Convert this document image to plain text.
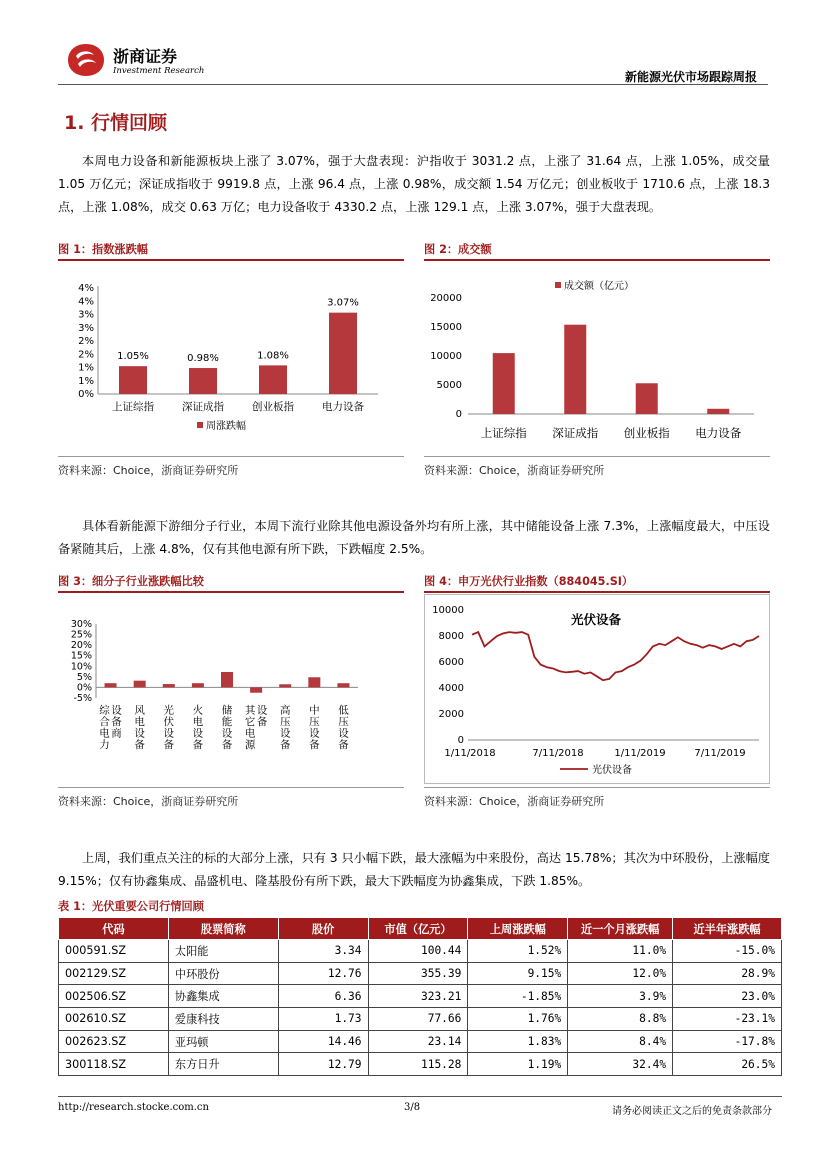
浙商证券
Investment Research	新能源光伏市场跟踪周报
1. 行情回顾
本周电力设备和新能源板块上涨了 3.07%，强于大盘表现：沪指收于 3031.2 点，上涨了 31.64 点，上涨 1.05%，成交量 1.05 万亿元；深证成指收于 9919.8 点，上涨 96.4 点，上涨 0.98%，成交额 1.54 万亿元；创业板收于 1710.6 点，上涨 18.3 点，上涨 1.08%，成交 0.63 万亿；电力设备收于 4330.2 点，上涨 129.1 点，上涨 3.07%，强于大盘表现。
图 1：指数涨跌幅
0%
1%
1%
2%
2%
3%
3%
4%
4%
1.05%
上证综指
0.98%
深证成指
1.08%
创业板指
3.07%
电力设备
周涨跌幅
资料来源：Choice，浙商证券研究所
图 2：成交额
0
5000
10000
15000
20000
上证综指 深证成指 创业板指 电力设备
成交额（亿元）
资料来源：Choice，浙商证券研究所
具体看新能源下游细分子行业，本周下流行业除其他电源设备外均有所上涨，其中储能设备上涨 7.3%，上涨幅度最大，中压设备紧随其后，上涨 4.8%，仅有其他电源有所下跌，下跌幅度 2.5%。
图 3：细分子行业涨跌幅比较
-5%
0%
5%
10%
15%
20%
25%
30%
综合电力设备商
风电设备
光伏设备
火电设备
储能设备
其它电源设备
高压设备
中压设备
低压设备
资料来源：Choice，浙商证券研究所
图 4：申万光伏行业指数（884045.SI）
0
2000
4000
6000
8000
10000
1/11/2018	7/11/2018	1/11/2019	7/11/2019
光伏设备
光伏设备
资料来源：Choice，浙商证券研究所
上周，我们重点关注的标的大部分上涨，只有 3 只小幅下跌，最大涨幅为中来股份，高达 15.78%；其次为中环股份，上涨幅度 9.15%；仅有协鑫集成、晶盛机电、隆基股份有所下跌，最大下跌幅度为协鑫集成，下跌 1.85%。
表 1：光伏重要公司行情回顾
代码	股票简称	股价	市值（亿元）	上周涨跌幅	近一个月涨跌幅	近半年涨跌幅
000591.SZ	太阳能	3.34	100.44	1.52%	11.0%	-15.0%
002129.SZ	中环股份	12.76	355.39	9.15%	12.0%	28.9%
002506.SZ	协鑫集成	6.36	323.21	-1.85%	3.9%	23.0%
002610.SZ	爱康科技	1.73	77.66	1.76%	8.8%	-23.1%
002623.SZ	亚玛顿	14.46	23.14	1.83%	8.4%	-17.8%
300118.SZ	东方日升	12.79	115.28	1.19%	32.4%	26.5%
http://research.stocke.com.cn	3/8	请务必阅读正文之后的免责条款部分
